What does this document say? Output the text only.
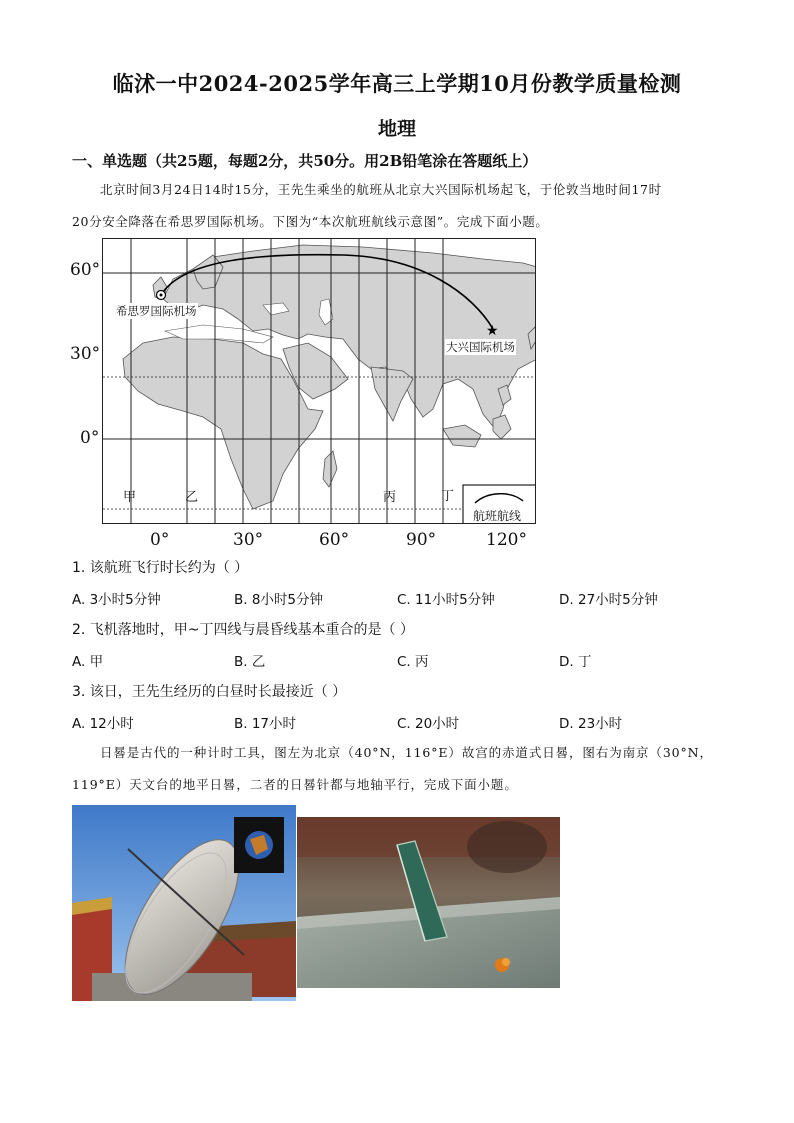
临沭一中2024-2025学年高三上学期10月份教学质量检测
地理
一、单选题（共25题，每题2分，共50分。用2B铅笔涂在答题纸上）
北京时间3月24日14时15分，王先生乘坐的航班从北京大兴国际机场起飞，于伦敦当地时间17时
20分安全降落在希思罗国际机场。下图为“本次航班航线示意图”。完成下面小题。
60°
30°
0°
★
希思罗国际机场
大兴国际机场
甲	乙	丙	丁
航班航线
0°	30°	60°	90°	120°
1. 该航班飞行时长约为（ ）
A. 3小时5分钟	B. 8小时5分钟	C. 11小时5分钟	D. 27小时5分钟
2. 飞机落地时，甲~丁四线与晨昏线基本重合的是（ ）
A. 甲	B. 乙	C. 丙	D. 丁
3. 该日，王先生经历的白昼时长最接近（ ）
A. 12小时	B. 17小时	C. 20小时	D. 23小时
日晷是古代的一种计时工具，图左为北京（40°N，116°E）故宫的赤道式日晷，图右为南京（30°N，
119°E）天文台的地平日晷，二者的日晷针都与地轴平行，完成下面小题。
